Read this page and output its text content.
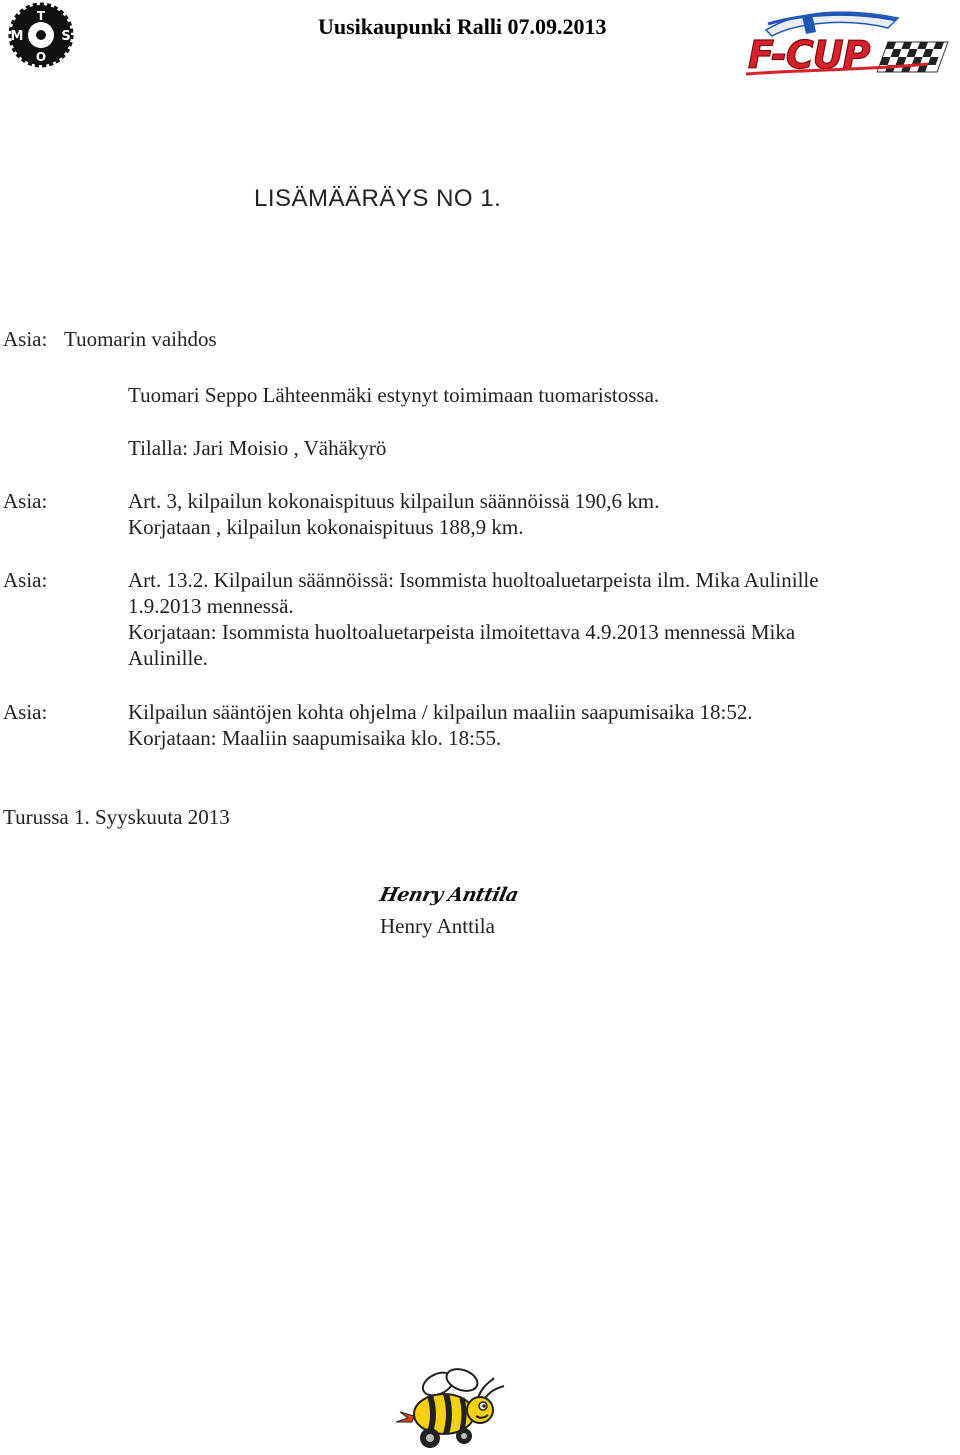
T
M
O
S	Uusikaupunki Ralli 07.09.2013
F-CUP
LISÄMÄÄRÄYS NO 1.
Asia: Tuomarin vaihdos
Tuomari Seppo Lähteenmäki estynyt toimimaan tuomaristossa.
Tilalla: Jari Moisio , Vähäkyrö
Asia:	Art. 3, kilpailun kokonaispituus kilpailun säännöissä 190,6 km.
Korjataan , kilpailun kokonaispituus 188,9 km.
Asia:	Art. 13.2. Kilpailun säännöissä: Isommista huoltoaluetarpeista ilm. Mika Aulinille
1.9.2013 mennessä.
Korjataan: Isommista huoltoaluetarpeista ilmoitettava 4.9.2013 mennessä Mika
Aulinille.
Asia:	Kilpailun sääntöjen kohta ohjelma / kilpailun maaliin saapumisaika 18:52.
Korjataan: Maaliin saapumisaika klo. 18:55.
Turussa 1. Syyskuuta 2013
Henry Anttila
Henry Anttila
